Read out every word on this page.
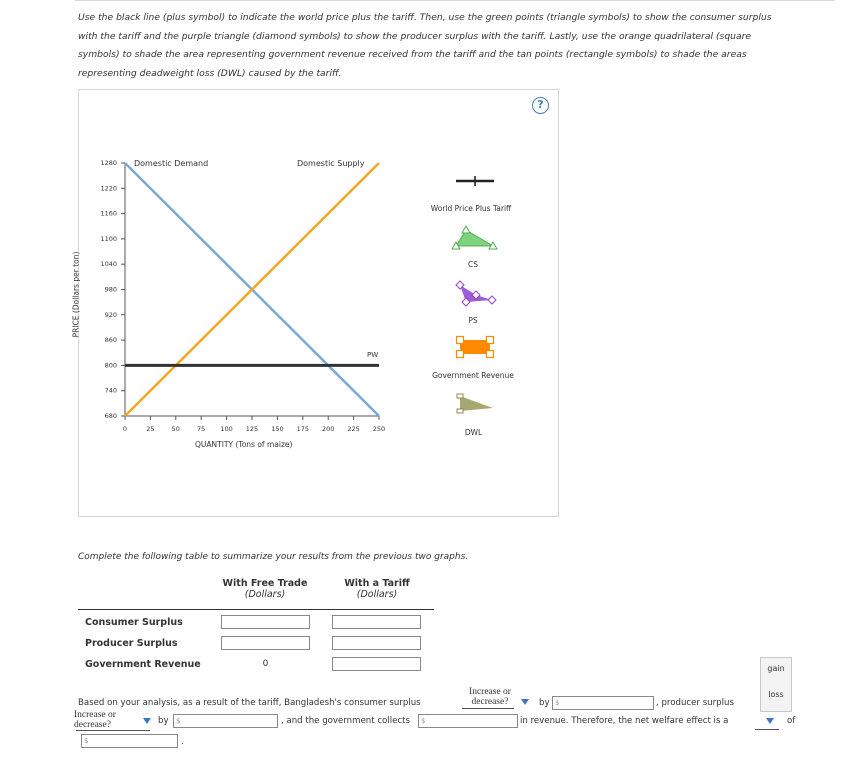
Use the black line (plus symbol) to indicate the world price plus the tariff. Then, use the green points (triangle symbols) to show the consumer surplus
with the tariff and the purple triangle (diamond symbols) to show the producer surplus with the tariff. Lastly, use the orange quadrilateral (square
symbols) to shade the area representing government revenue received from the tariff and the tan points (rectangle symbols) to shade the areas
representing deadweight loss (DWL) caused by the tariff.
?
0	25	50	75 100 125 150 175 200 225 250
1280
1220
1160
1100
1040
980
920
860
800
740
680
Domestic Demand	Domestic Supply
PW
QUANTITY (Tons of maize)
PRICE (Dollars per ton)
World Price Plus Tariff
CS
PS
Government Revenue
DWL
Complete the following table to summarize your results from the previous two graphs.
With Free Trade
(Dollars)
With a Tariff
(Dollars)
Consumer Surplus
Producer Surplus
Government Revenue	0
Based on your analysis, as a result of the tariff, Bangladesh's consumer surplus
Increase or decrease?	by $	, producer surplus
gain
loss
Increase or decrease?	by	$	, and the government collects	$	in revenue. Therefore, the net welfare effect is a	of
$	.
